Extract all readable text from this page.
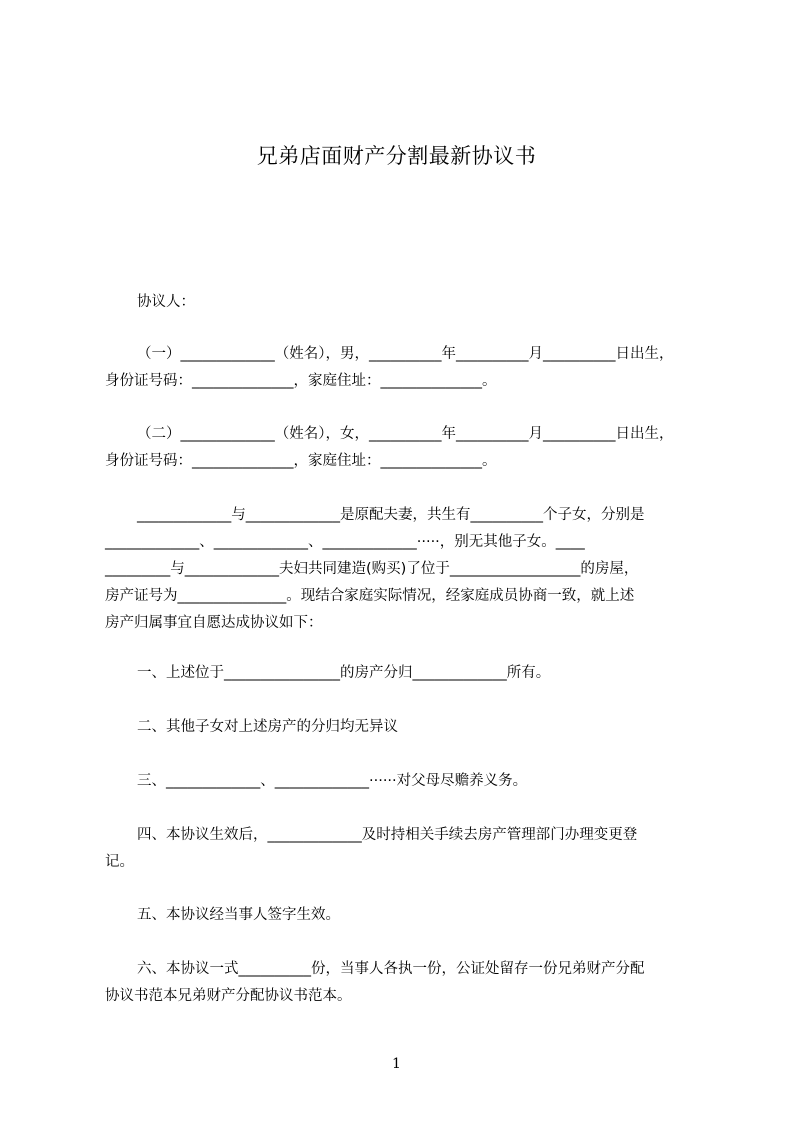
兄弟店面财产分割最新协议书
协议人：
（一）_____________（姓名），男，__________年__________月__________日出生，
身份证号码：______________，家庭住址：______________。
（二）_____________（姓名），女，__________年__________月__________日出生，
身份证号码：______________，家庭住址：______________。
_____________与_____________是原配夫妻，共生有__________个子女，分别是
_____________、_____________、_____________·····，别无其他子女。____
_________与_____________夫妇共同建造(购买)了位于__________________的房屋，
房产证号为_______________。现结合家庭实际情况，经家庭成员协商一致，就上述
房产归属事宜自愿达成协议如下：
一、上述位于________________的房产分归_____________所有。
二、其他子女对上述房产的分归均无异议
三、_____________、_____________······对父母尽赡养义务。
四、本协议生效后，_____________及时持相关手续去房产管理部门办理变更登
记。
五、本协议经当事人签字生效。
六、本协议一式__________份，当事人各执一份，公证处留存一份兄弟财产分配
协议书范本兄弟财产分配协议书范本。
1
